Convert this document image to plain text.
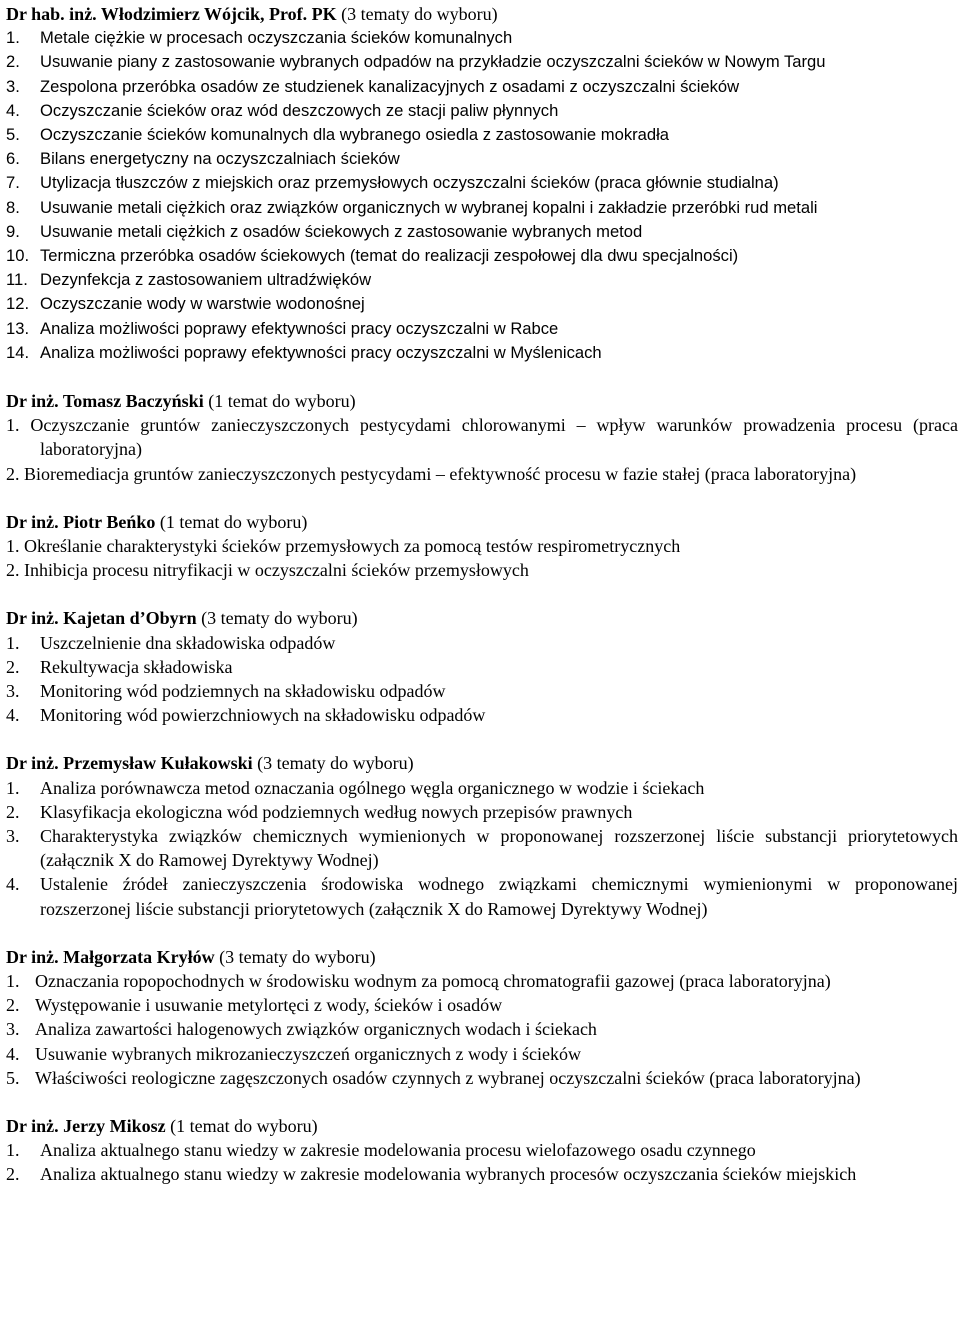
Dr hab. inż. Włodzimierz Wójcik, Prof. PK (3 tematy do wyboru)
1.	Metale ciężkie w procesach oczyszczania ścieków komunalnych
2.	Usuwanie piany z zastosowanie wybranych odpadów na przykładzie oczyszczalni ścieków w Nowym Targu
3.	Zespolona przeróbka osadów ze studzienek kanalizacyjnych z osadami z oczyszczalni ścieków
4.	Oczyszczanie ścieków oraz wód deszczowych ze stacji paliw płynnych
5.	Oczyszczanie ścieków komunalnych dla wybranego osiedla z zastosowanie mokradła
6.	Bilans energetyczny na oczyszczalniach ścieków
7.	Utylizacja tłuszczów z miejskich oraz przemysłowych oczyszczalni ścieków (praca głównie studialna)
8.	Usuwanie metali ciężkich oraz związków organicznych w wybranej kopalni i zakładzie przeróbki rud metali
9.	Usuwanie metali ciężkich z osadów ściekowych z zastosowanie wybranych metod
10. Termiczna przeróbka osadów ściekowych (temat do realizacji zespołowej dla dwu specjalności)
11. Dezynfekcja z zastosowaniem ultradźwięków
12. Oczyszczanie wody w warstwie wodonośnej
13. Analiza możliwości poprawy efektywności pracy oczyszczalni w Rabce
14. Analiza możliwości poprawy efektywności pracy oczyszczalni w Myślenicach
Dr inż. Tomasz Baczyński (1 temat do wyboru)
1. Oczyszczanie gruntów zanieczyszczonych pestycydami chlorowanymi – wpływ warunków prowadzenia procesu (praca laboratoryjna)
2. Bioremediacja gruntów zanieczyszczonych pestycydami – efektywność procesu w fazie stałej (praca laboratoryjna)
Dr inż. Piotr Beńko (1 temat do wyboru)
1. Określanie charakterystyki ścieków przemysłowych za pomocą testów respirometrycznych
2. Inhibicja procesu nitryfikacji w oczyszczalni ścieków przemysłowych
Dr inż. Kajetan d’Obyrn (3 tematy do wyboru)
1.	Uszczelnienie dna składowiska odpadów
2.	Rekultywacja składowiska
3.	Monitoring wód podziemnych na składowisku odpadów
4.	Monitoring wód powierzchniowych na składowisku odpadów
Dr inż. Przemysław Kułakowski (3 tematy do wyboru)
1.	Analiza porównawcza metod oznaczania ogólnego węgla organicznego w wodzie i ściekach
2.	Klasyfikacja ekologiczna wód podziemnych według nowych przepisów prawnych
3.	Charakterystyka związków chemicznych wymienionych w proponowanej rozszerzonej liście substancji priorytetowych (załącznik X do Ramowej Dyrektywy Wodnej)
4.	Ustalenie źródeł zanieczyszczenia środowiska wodnego związkami chemicznymi wymienionymi w proponowanej rozszerzonej liście substancji priorytetowych (załącznik X do Ramowej Dyrektywy Wodnej)
Dr inż. Małgorzata Kryłów (3 tematy do wyboru)
1. Oznaczania ropopochodnych w środowisku wodnym za pomocą chromatografii gazowej (praca laboratoryjna)
2. Występowanie i usuwanie metylortęci z wody, ścieków i osadów
3. Analiza zawartości halogenowych związków organicznych wodach i ściekach
4. Usuwanie wybranych mikrozanieczyszczeń organicznych z wody i ścieków
5. Właściwości reologiczne zagęszczonych osadów czynnych z wybranej oczyszczalni ścieków (praca laboratoryjna)
Dr inż. Jerzy Mikosz (1 temat do wyboru)
1.	Analiza aktualnego stanu wiedzy w zakresie modelowania procesu wielofazowego osadu czynnego
2.	Analiza aktualnego stanu wiedzy w zakresie modelowania wybranych procesów oczyszczania ścieków miejskich
